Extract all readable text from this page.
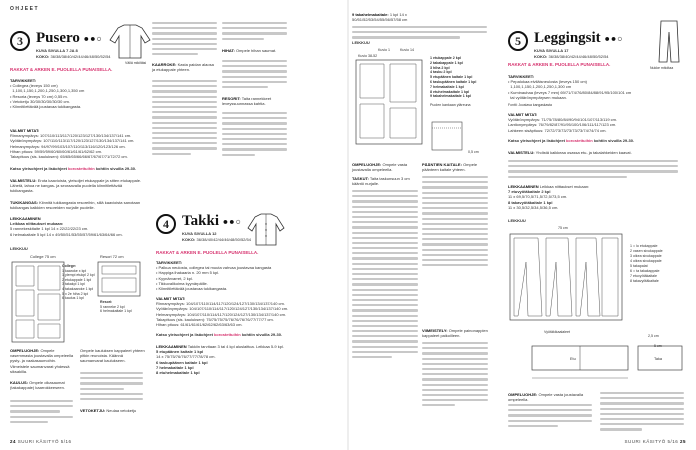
OHJEET
3 Pusero ●●○
KUVA SIVULLA 7 JA 8
KOKO: 36/38/38/40/42/44/46/48/50/52/54
Vällä mikiltäsi
RAKKAT & ARKEN E. PUOLELLA PUNAISELLA.
TARVIKKEET:
• Collegea (leveys 150 cm)
1,100,1,150,1,200,1,250,1,300,1,350 cm
• Resoria (leveys 70 cm) 0,55 m.
• Vetoketju 30/30/30/30/30/30 cm.
• Kiinnitilettävää joustavaa tukikangasta.
VALMIIT MITAT:
Rinnanympärys: 107/110/113/117/120/123/127/130/134/137/141 cm.
Vyötärönympärys: 107/110/113/117/120/123/127/130/134/137/141 cm.
Helmanympärys: 94/97/99/103/107/110/113/116/120/123/126 cm.
Hihan pituus: 59/59/59/60/60/60/61/61/61/62/62 cm.
Takapituus (sis. kauluksen): 65/65/65/66/66/67/67/67/71/72/72 cm.
Katso yleisohjeet ja lisäohjeet korostettuihin kohtiin sivuilla 29-30.
VALMISTELU: Erota kaavioista, yleisoljet etukappale ja sitten etukappale. Lähetä, lahoa ne kangas- ja seoraavalla puolella kiinnitilettävää tukikangasta.
TUKIKANGAS: Kiinnitä tukikangasta resoreihin, sillä kaavioista sanotaan tukikangas kaikkien resoreiden nurjalle puolelle.
LEIKKAAMINEN
Leikkaa niittaukset mukaan:
5 rannekeskitaite 1 kpl 14 x 22/22/22/23 cm.
6 helmakaitale 5 kpl 14 x 49/50/51/53/55/57/59/61/63/64/66 cm.
LEIKKUU
College 75 cm	Resori 72 cm
College:
1 kaaroke x kpl
1 ylempi etukpl 2 kpl
2 etukappale 1 kpl
3 takakpl 1 kpl
4 takakaaroke 1 kpl
5 x 2e hiha 2 kpl
6 kaulus 1 kpl
Resori:
5 ranneke 2 kpl
6 helmakaitale 1 kpl
OMPELUOHJE: Ompele vasemmasta joustavalla ompeleella pysty- ja vaakasaumoihin. Viimeistele saumanvarat yhdessä siksakilla.
KAULUS: Ompele olkasaumat (takakappale) kaarrokkeeseen.
Ompele kauluksen kappaleet yhteen pitkin reunoista. Käännä saumanvarat kaulukseen.
VETOKETJU: Neulaa vetoketju
KAARROKE: Kasta paidan alaosa ja etukappale yhteen.
HIHAT: Ompele hihan saumat.
RESORIT: Taita rannekkeet leveyssuunnassa kahtia.
4 Takki ●●○
KUVA SIVULLA 12
KOKO: 36/38/40/42/44/46/48/50/52/54
RAKKAT & ARKEN E. PUOLELLA PUNAISELLA.
TARVIKKEET:
• Palkua neulosta, collegea tai muuta vahvaa joustavaa kangasta
• Happiga ihakaaria n. 20 mm 5 kpl.
• Kyynärvarret, 2 kpl.
• Tikkuvalikoima kyynärpäille.
• Kiinnitilettävää joustavaa tukikangasta.
VALMIIT MITAT:
Rinnanympärys: 104/107/110/114/117/120/124/127/130/134/137/140 cm.
Vyötärönympärys: 104/107/110/114/117/120/124/127/130/134/137/140 cm.
Helmanympärys: 104/107/110/114/117/120/124/127/130/134/137/140 cm.
Takapituus (sis. kauluksen): 75/75/75/75/76/76/76/76/77/77/77 cm.
Hihan pituus: 61/61/61/61/62/62/62/63/63/63 cm.
Katso yleisohjeet ja lisäohjeet korostettuihin kohtiin sivuilla 29-30.
LEIKKAAMINEN Takkiin tarvitaan 3 tai 4 kpl aluslaittoa. Leikkaa 5-9 kpl.
5 etupäänen kaitale 1 kpl
14 x 75/75/76/76/77/77/78/78 cm.
6 taskupäänen kaitale 1 kpl
7 helmakaitale 1 kpl
8 etuhelmakaitale 1 kpl
24 SUURI KÄSITYÖ 5/16
9 takahelmakaitale: 1 kpl 14 x 50/51/52/53/54/55/56/57/58 cm
LEIKKUU
Kuvio 1	Kuvio 14
Kuvio 38-52	1 etukappale 2 kpl
2 takakappale 1 kpl
3 hiha 2 kpl
4 tasku 2 kpl
5 etupäänen kaitale 1 kpl
6 taskupäänen kaitale 1 kpl
7 helmakaitale 1 kpl
8 etuhelmakaitale 1 kpl
9 takahelmakaitale 1 kpl
Puolen kankaan yläreuna
0,5 cm
OMPELUOHJE: Ompele vasta joustavalla ompeleella.
TASKUT: Taita taskunsuun 3 cm kääntö nurjalle.
PÄÄNTIEN KAITALE: Ompele päänteen kaitale yhteen.
VIIMEISTELY: Ompele painonappien kappaleet paikoilleen.
5 Leggingsit ●●○
KUVA SIVULLA 17
KOKO: 36/38/38/40/42/44/46/48/50/52/54
Nukke mitoltaa
RAKKAT & ARKEN E. PUOLELLA PUNAISELLA.
TARVIKKEET:
• Pepalokaa elviläisneulosta (leveys 150 cm)
1,100,1,150,1,200,1,250,1,300 cm
• Kuminauhaa (leveys 7 mm) 69/71/74/76/80/84/88/91/95/100/101 cm
tai vyötärönympärysen mukaan.
Fontti: Joustava kangaskasta
VALMIIT MITAT:
Vyötärönympärys: 71/75/78/80/84/90/94/101/107/113/119 cm.
Lantionympärys: 76/79/82/87/91/95/100/106/111/117/123 cm.
Lahkeen sisäpituus: 72/72/73/73/73/73/73/74/74/74 cm.
Katso yleisohjeet ja lisäohjeet korostettuihin kohtiin sivuilla 29-30.
VALMISTELU: Yhdistä kaikkeaa osassa etu- ja takalahkeiden kaavat.
LEIKKAAMINEN Leikkaa niittaukset mukaan:
7 etuvyötäkaitale 2 kpl
11 x 69,5/70,5/71,5/72,5/73,5 cm.
8 takavyötäkaitale 1 kpl
11 x 30,5/32,5/34,5/36,5 cm.
LEIKKUU
75 cm
1 = lo etukappale
2 vasen sivukappale
3 oikea sivukappale
4 oikea sivukappale
5 takapalat
6 = ta takakappale
7 etuvyötäkaitale
8 takavyötäkaitale
Vyötäkikaalaleet
Etu	Taka
2,5 cm
5 cm
OMPELUOHJE: Ompele vasta joustavalla ompeleella.
SUURI KÄSITYÖ 5/16 25
